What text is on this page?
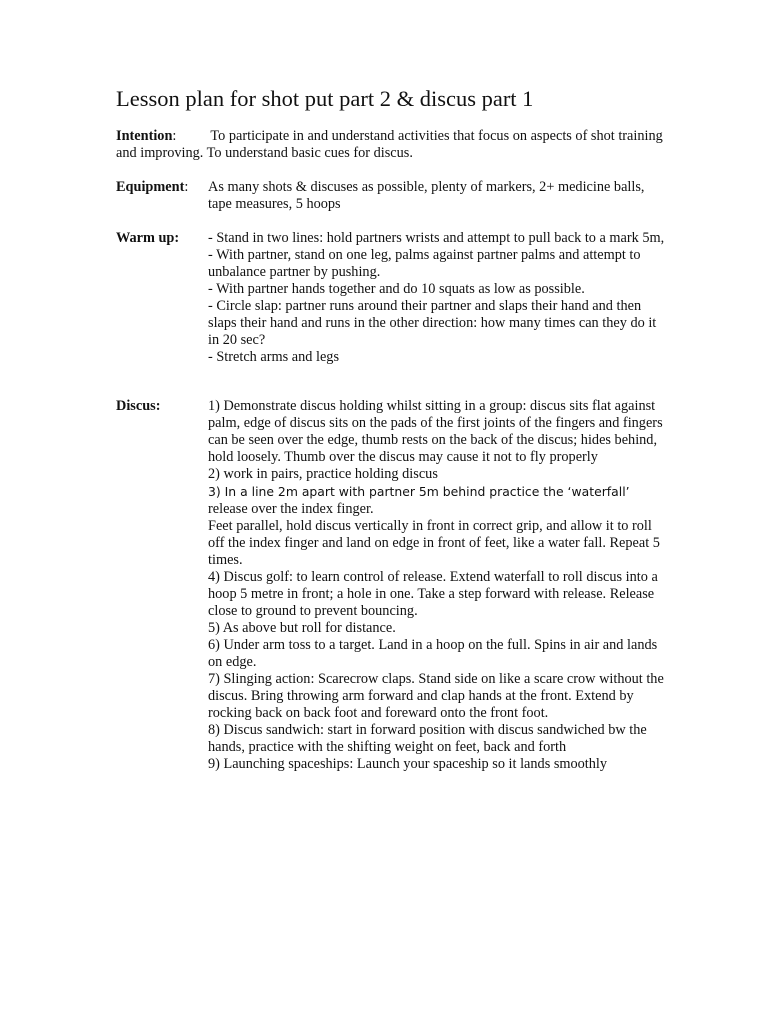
Lesson plan for shot put part 2 & discus part 1
Intention: To participate in and understand activities that focus on aspects of shot training and improving. To understand basic cues for discus.
Equipment: As many shots & discuses as possible, plenty of markers, 2+ medicine balls, tape measures, 5 hoops
Warm up: - Stand in two lines: hold partners wrists and attempt to pull back to a mark 5m,

- With partner, stand on one leg, palms against partner palms and attempt to unbalance partner by pushing.

- With partner hands together and do 10 squats as low as possible.

- Circle slap: partner runs around their partner and slaps their hand and then slaps their hand and runs in the other direction: how many times can they do it in 20 sec?

- Stretch arms and legs

Discus:	1) Demonstrate discus holding whilst sitting in a group: discus sits flat against palm, edge of discus sits on the pads of the first joints of the fingers and fingers can be seen over the edge, thumb rests on the back of the discus; hides behind, hold loosely. Thumb over the discus may cause it not to fly properly

2) work in pairs, practice holding discus

3) In a line 2m apart with partner 5m behind practice the ‘waterfall’
release over the index finger.
Feet parallel, hold discus vertically in front in correct grip, and allow it to roll off the index finger and land on edge in front of feet, like a water fall. Repeat 5 times.

4) Discus golf: to learn control of release. Extend waterfall to roll discus into a hoop 5 metre in front; a hole in one. Take a step forward with release. Release close to ground to prevent bouncing.

5) As above but roll for distance.

6) Under arm toss to a target. Land in a hoop on the full. Spins in air and lands on edge.

7) Slinging action: Scarecrow claps. Stand side on like a scare crow without the discus. Bring throwing arm forward and clap hands at the front. Extend by rocking back on back foot and foreward onto the front foot.

8) Discus sandwich: start in forward position with discus sandwiched bw the hands, practice with the shifting weight on feet, back and forth

9) Launching spaceships: Launch your spaceship so it lands smoothly
